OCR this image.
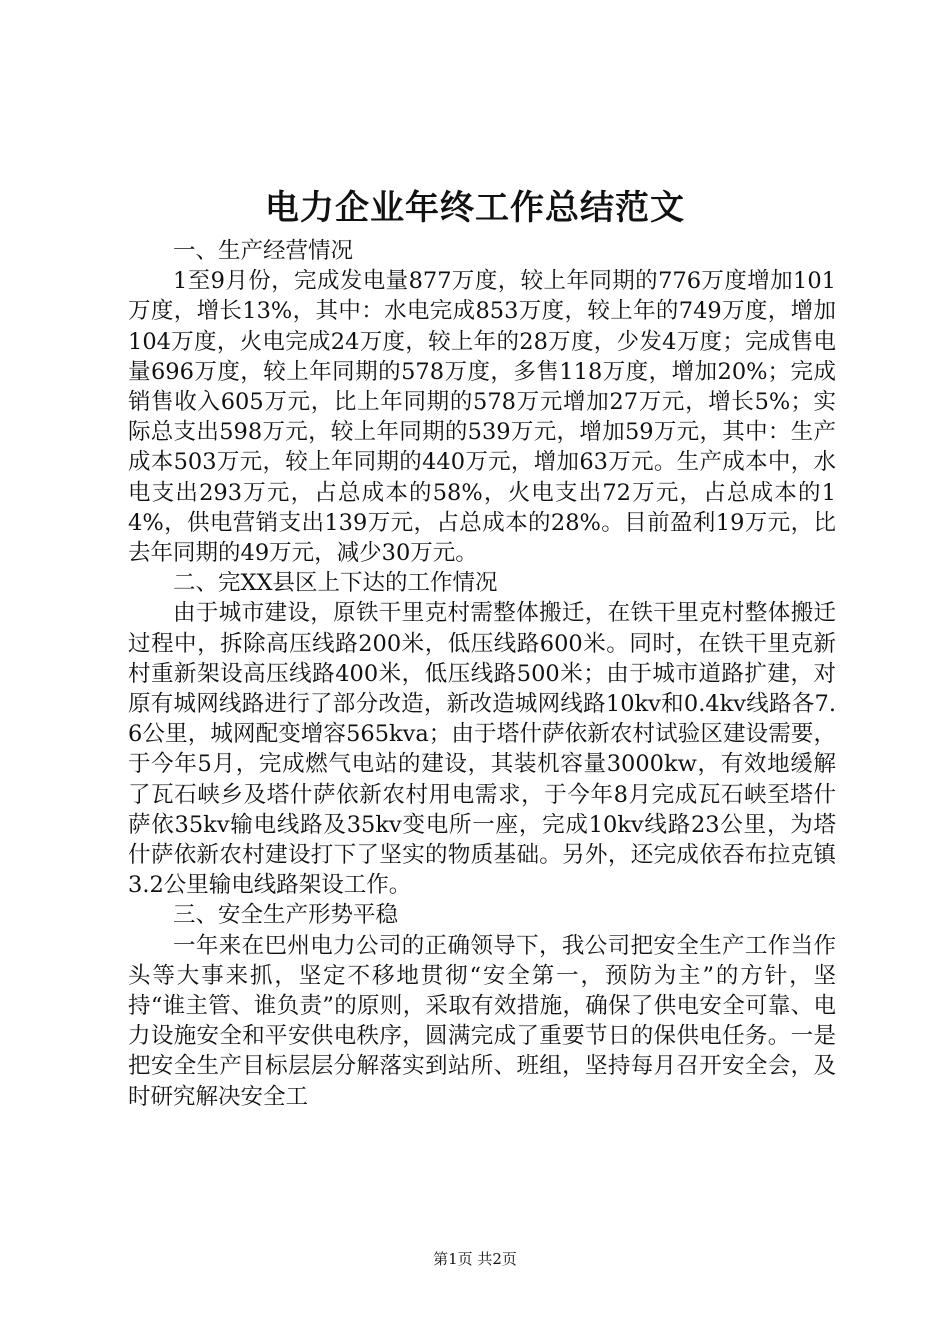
电力企业年终工作总结范文

一、生产经营情况

1至9月份，完成发电量877万度，较上年同期的776万度增加101万度，增长13%，其中：水电完成853万度，较上年的749万度，增加104万度，火电完成24万度，较上年的28万度，少发4万度；完成售电量696万度，较上年同期的578万度，多售118万度，增加20%；完成销售收入605万元，比上年同期的578万元增加27万元，增长5%；实际总支出598万元，较上年同期的539万元，增加59万元，其中：生产成本503万元，较上年同期的440万元，增加63万元。生产成本中，水电支出293万元，占总成本的58%，火电支出72万元，占总成本的14%，供电营销支出139万元，占总成本的28%。目前盈利19万元，比去年同期的49万元，减少30万元。

二、完XX县区上下达的工作情况

由于城市建设，原铁干里克村需整体搬迁，在铁干里克村整体搬迁过程中，拆除高压线路200米，低压线路600米。同时，在铁干里克新村重新架设高压线路400米，低压线路500米；由于城市道路扩建，对原有城网线路进行了部分改造，新改造城网线路10kv和0.4kv线路各7.6公里，城网配变增容565kva；由于塔什萨依新农村试验区建设需要，于今年5月，完成燃气电站的建设，其装机容量3000kw，有效地缓解了瓦石峡乡及塔什萨依新农村用电需求，于今年8月完成瓦石峡至塔什萨依35kv输电线路及35kv变电所一座，完成10kv线路23公里，为塔什萨依新农村建设打下了坚实的物质基础。另外，还完成依吞布拉克镇3.2公里输电线路架设工作。

三、安全生产形势平稳

一年来在巴州电力公司的正确领导下，我公司把安全生产工作当作头等大事来抓，坚定不移地贯彻“安全第一，预防为主”的方针，坚持“谁主管、谁负责”的原则，采取有效措施，确保了供电安全可靠、电力设施安全和平安供电秩序，圆满完成了重要节日的保供电任务。一是把安全生产目标层层分解落实到站所、班组，坚持每月召开安全会，及时研究解决安全工

第1页 共2页
